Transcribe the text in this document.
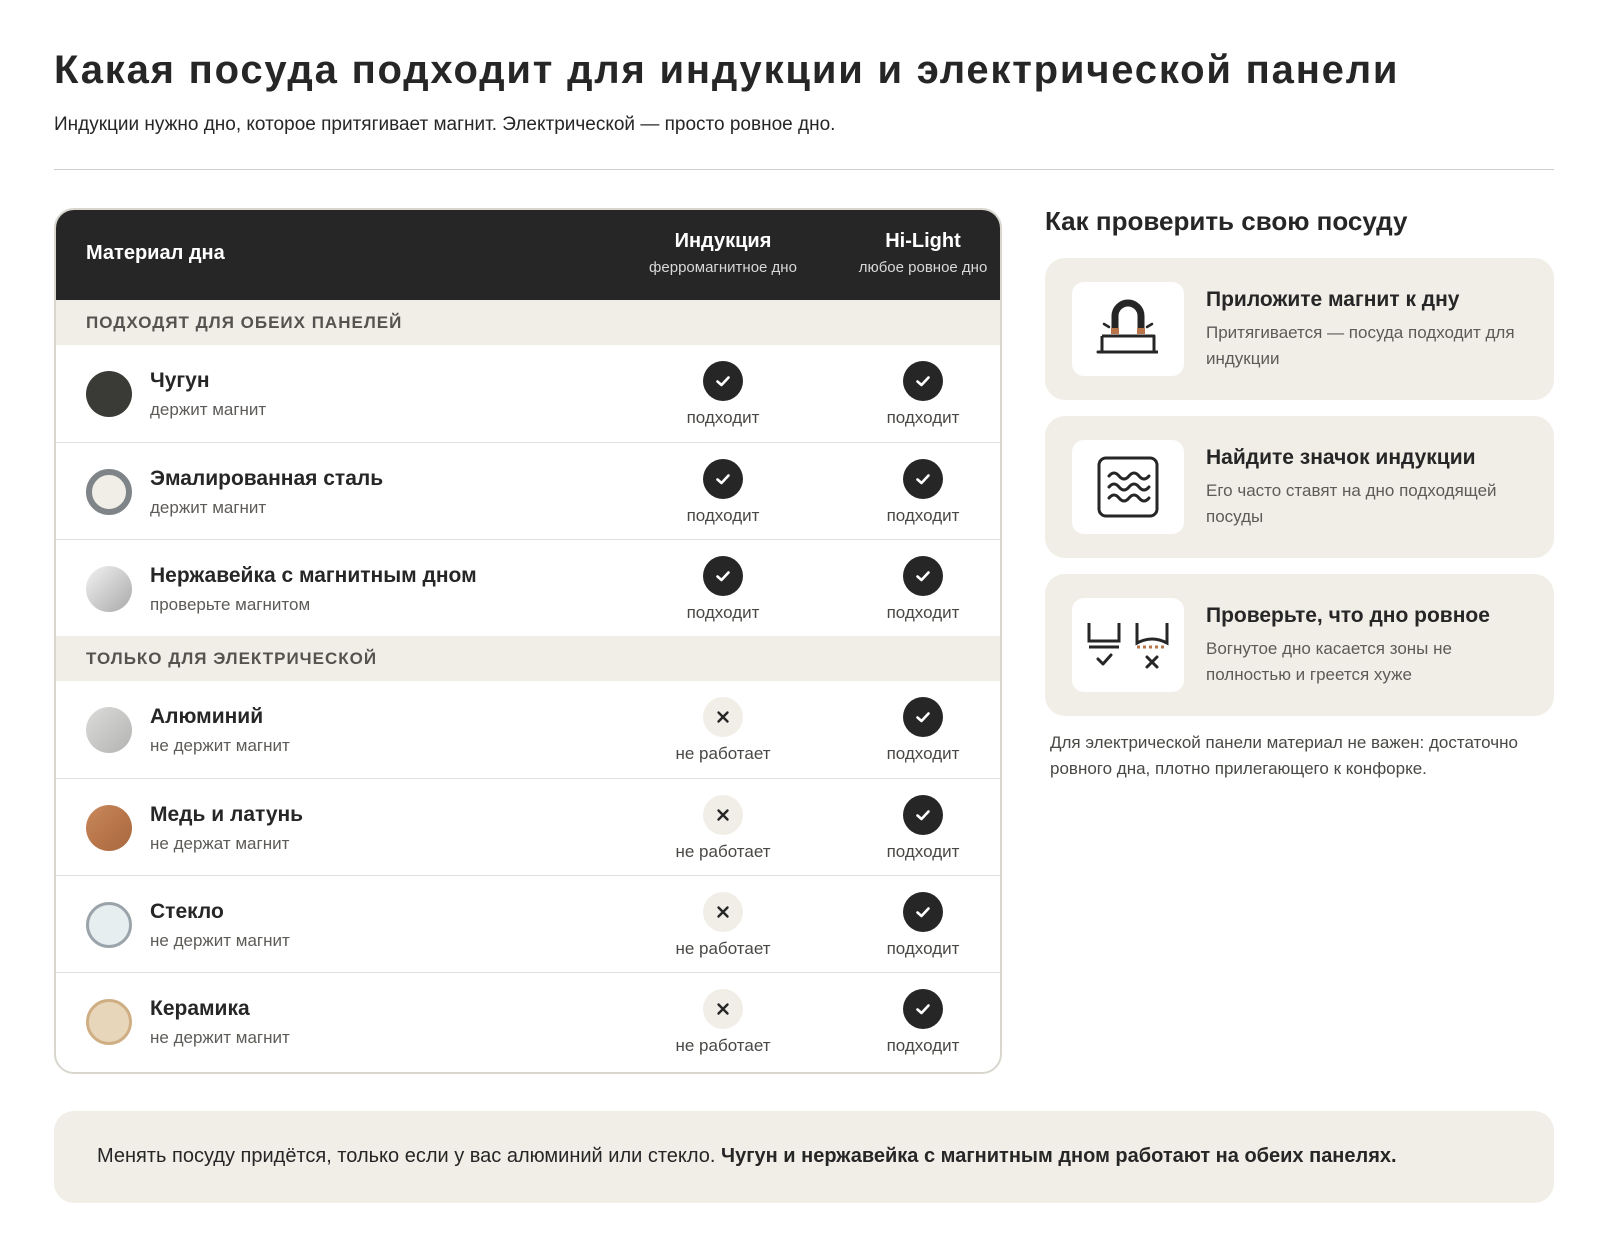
Какая посуда подходит для индукции и электрической панели
Индукции нужно дно, которое притягивает магнит. Электрической — просто ровное дно.
Материал дна
Индукция
ферромагнитное дно
Hi-Light
любое ровное дно
ПОДХОДЯТ ДЛЯ ОБЕИХ ПАНЕЛЕЙ
Чугун
держит магнит	подходит	подходит
Эмалированная сталь
держит магнит	подходит	подходит
Нержавейка с магнитным дном
проверьте магнитом	подходит	подходит
ТОЛЬКО ДЛЯ ЭЛЕКТРИЧЕСКОЙ
Алюминий
не держит магнит	не работает	подходит
Медь и латунь
не держат магнит	не работает	подходит
Стекло
не держит магнит	не работает	подходит
Керамика
не держит магнит	не работает	подходит
Как проверить свою посуду
Приложите магнит к дну
Притягивается — посуда подходит для индукции
Найдите значок индукции
Его часто ставят на дно подходящей посуды
Проверьте, что дно ровное
Вогнутое дно касается зоны не полностью и греется хуже
Для электрической панели материал не важен: достаточно ровного дна, плотно прилегающего к конфорке.
Менять посуду придётся, только если у вас алюминий или стекло. Чугун и нержавейка с магнитным дном работают на обеих панелях.
